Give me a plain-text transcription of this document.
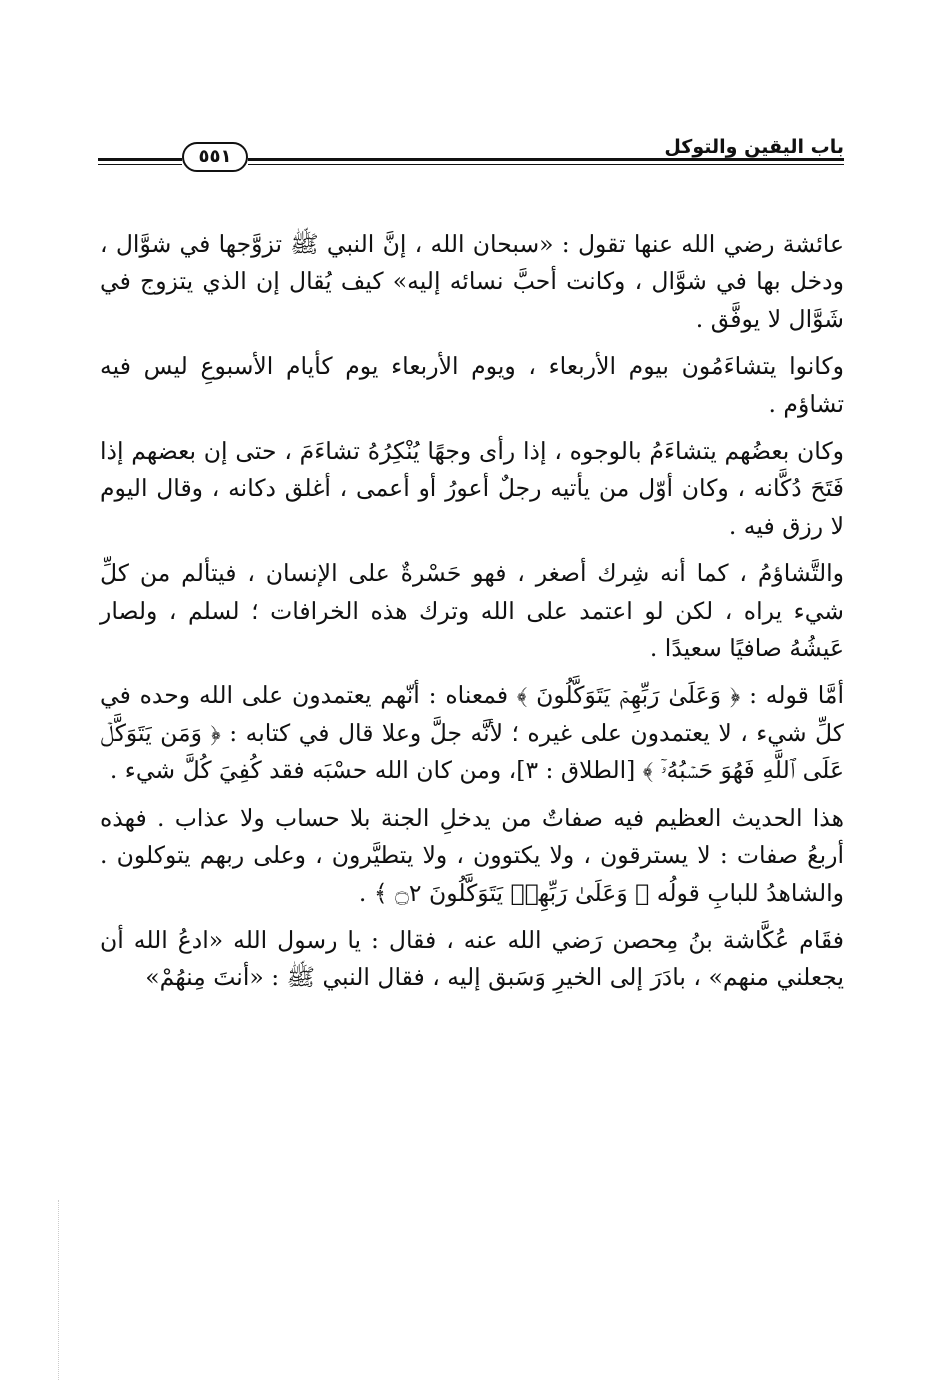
باب اليقين والتوكل
٥٥١

عائشة رضي الله عنها تقول : «سبحان الله ، إنَّ النبي ﷺ تزوَّجها في شوَّال ، ودخل بها في شوَّال ، وكانت أحبَّ نسائه إليه» كيف يُقال إن الذي يتزوج في شَوَّال لا يوفَّق .

وكانوا يتشاءَمُون بيوم الأربعاء ، ويوم الأربعاء يوم كأيام الأسبوعِ ليس فيه تشاؤم .

وكان بعضُهم يتشاءَمُ بالوجوه ، إذا رأى وجهًا يُنْكِرُهُ تشاءَمَ ، حتى إن بعضهم إذا فَتَحَ دُكَّانه ، وكان أوّل من يأتيه رجلٌ أعورُ أو أعمى ، أغلق دكانه ، وقال اليوم لا رزق فيه .

والتَّشاؤمُ ، كما أنه شِرك أصغر ، فهو حَسْرةٌ على الإنسان ، فيتألم من كلِّ شيء يراه ، لكن لو اعتمد على الله وترك هذه الخرافات ؛ لسلم ، ولصار عَيشُهُ صافيًا سعيدًا .

أمَّا قوله : ﴿ وَعَلَىٰ رَبِّهِمۡ يَتَوَكَّلُونَ ﴾ فمعناه : أنّهم يعتمدون على الله وحده في كلِّ شيء ، لا يعتمدون على غيره ؛ لأنَّه جلَّ وعلا قال في كتابه : ﴿ وَمَن يَتَوَكَّلۡ عَلَى ٱللَّهِ فَهُوَ حَسۡبُهُۥٓ ﴾ [الطلاق : ٣]، ومن كان الله حسْبَه فقد كُفِيَ كُلَّ شيء .

هذا الحديث العظيم فيه صفاتٌ من يدخلِ الجنة بلا حساب ولا عذاب . فهذه أربعُ صفات : لا يسترقون ، ولا يكتوون ، ولا يتطيَّرون ، وعلى ربهم يتوكلون . والشاهدُ للبابِ قولُه ﴿ وَعَلَىٰ رَبِّهِمۡ يَتَوَكَّلُونَ ۝٢ ﴾ .

فقَام عُكَّاشة بنُ مِحصن رَضي الله عنه ، فقال : يا رسول الله «ادعُ الله أن يجعلني منهم» ، بادَرَ إلى الخيرِ وَسَبق إليه ، فقال النبي ﷺ : «أنتَ مِنهُمْ»
